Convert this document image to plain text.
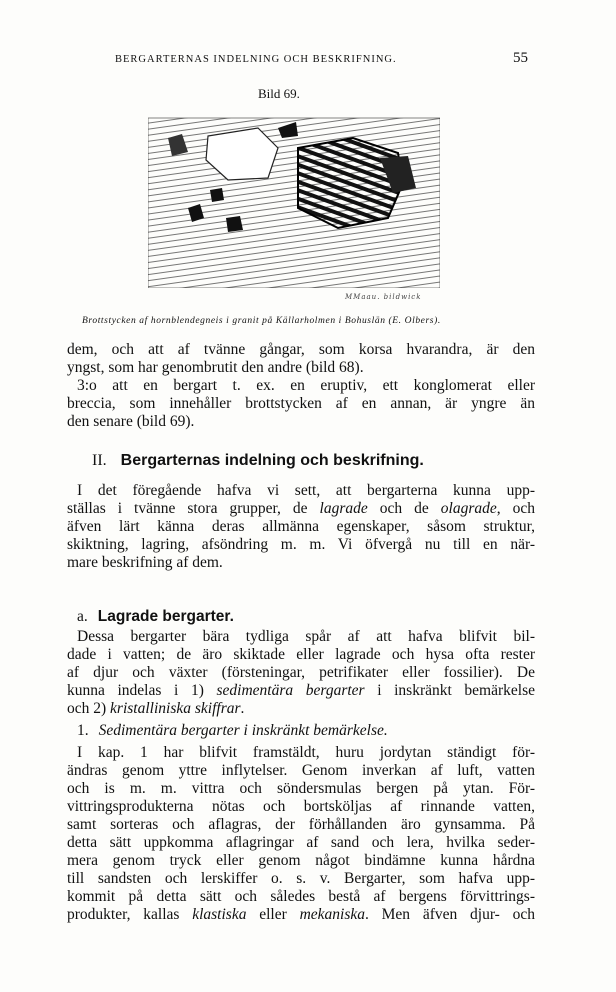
BERGARTERNAS INDELNING OCH BESKRIFNING.	55
Bild 69.
MMaau. bildwick
Brottstycken af hornblendegneis i granit på Källarholmen i Bohuslän (E. Olbers).
dem, och att af tvänne gångar, som korsa hvarandra, är den
yngst, som har genombrutit den andre (bild 68).
3:o att en bergart t. ex. en eruptiv, ett konglomerat eller
breccia, som innehåller brottstycken af en annan, är yngre än
den senare (bild 69).
II. Bergarternas indelning och beskrifning.
I det föregående hafva vi sett, att bergarterna kunna upp-
ställas i tvänne stora grupper, de lagrade och de olagrade, och
äfven lärt känna deras allmänna egenskaper, såsom struktur,
skiktning, lagring, afsöndring m. m. Vi öfvergå nu till en när-
mare beskrifning af dem.
a. Lagrade bergarter.
Dessa bergarter bära tydliga spår af att hafva blifvit bil-
dade i vatten; de äro skiktade eller lagrade och hysa ofta rester
af djur och växter (försteningar, petrifikater eller fossilier). De
kunna indelas i 1) sedimentära bergarter i inskränkt bemärkelse
och 2) kristalliniska skiffrar.
1. Sedimentära bergarter i inskränkt bemärkelse.
I kap. 1 har blifvit framstäldt, huru jordytan ständigt för-
ändras genom yttre inflytelser. Genom inverkan af luft, vatten
och is m. m. vittra och söndersmulas bergen på ytan. För-
vittringsprodukterna nötas och bortsköljas af rinnande vatten,
samt sorteras och aflagras, der förhållanden äro gynsamma. På
detta sätt uppkomma aflagringar af sand och lera, hvilka seder-
mera genom tryck eller genom något bindämne kunna hårdna
till sandsten och lerskiffer o. s. v. Bergarter, som hafva upp-
kommit på detta sätt och således bestå af bergens förvittrings-
produkter, kallas klastiska eller mekaniska. Men äfven djur- och
